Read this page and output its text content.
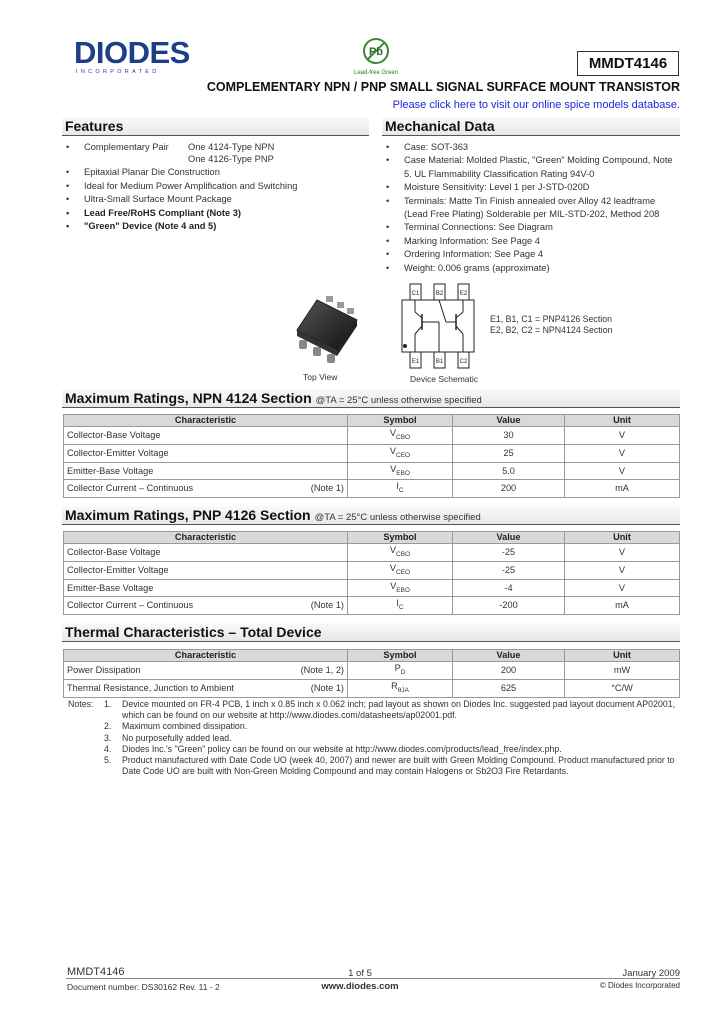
DIODES
INCORPORATED
Pb
Lead-free Green
MMDT4146
COMPLEMENTARY NPN / PNP SMALL SIGNAL SURFACE MOUNT TRANSISTOR
Please click here to visit our online spice models database.
Features
• Complementary Pair One 4124-Type NPN
One 4126-Type PNP
• Epitaxial Planar Die Construction
• Ideal for Medium Power Amplification and Switching
• Ultra-Small Surface Mount Package
• Lead Free/RoHS Compliant (Note 3)
• "Green" Device (Note 4 and 5)
Mechanical Data
• Case: SOT-363
• Case Material: Molded Plastic, "Green" Molding Compound, Note 5. UL Flammability Classification Rating 94V-0
• Moisture Sensitivity: Level 1 per J-STD-020D
• Terminals: Matte Tin Finish annealed over Alloy 42 leadframe (Lead Free Plating) Solderable per MIL-STD-202, Method 208
• Terminal Connections: See Diagram
• Marking Information: See Page 4
• Ordering Information: See Page 4
• Weight: 0.006 grams (approximate)
Top View
C1	B2	E2
E1	B1	C2
Device Schematic
E1, B1, C1 = PNP4126 Section
E2, B2, C2 = NPN4124 Section
Maximum Ratings, NPN 4124 Section @TA = 25°C unless otherwise specified
Characteristic	Symbol	Value	Unit
Collector-Base Voltage	$V_{CBO}$	30	V
Collector-Emitter Voltage	$V_{CEO}$	25	V
Emitter-Base Voltage	$V_{EBO}$	5.0	V
Collector Current – Continuous (Note 1)	$I_C$	200	mA
Maximum Ratings, PNP 4126 Section @TA = 25°C unless otherwise specified
Characteristic	Symbol	Value	Unit
Collector-Base Voltage	$V_{CBO}$	-25	V
Collector-Emitter Voltage	$V_{CEO}$	-25	V
Emitter-Base Voltage	$V_{EBO}$	-4	V
Collector Current – Continuous (Note 1)	$I_C$	-200	mA
Thermal Characteristics – Total Device
Characteristic	Symbol	Value	Unit
Power Dissipation (Note 1, 2)	$P_D$	200	mW
Thermal Resistance, Junction to Ambient (Note 1)	$R_{\theta JA}$	625	°C/W
Notes:	1.	Device mounted on FR-4 PCB, 1 inch x 0.85 inch x 0.062 inch; pad layout as shown on Diodes Inc. suggested pad layout document AP02001, which can be found on our website at http://www.diodes.com/datasheets/ap02001.pdf.
2.	Maximum combined dissipation.
3.	No purposefully added lead.
4.	Diodes Inc.'s "Green" policy can be found on our website at http://www.diodes.com/products/lead_free/index.php.
5.	Product manufactured with Date Code UO (week 40, 2007) and newer are built with Green Molding Compound. Product manufactured prior to Date Code UO are built with Non-Green Molding Compound and may contain Halogens or Sb2O3 Fire Retardants.
MMDT4146
Document number: DS30162 Rev. 11 - 2
1 of 5
www.diodes.com
January 2009
© Diodes Incorporated
